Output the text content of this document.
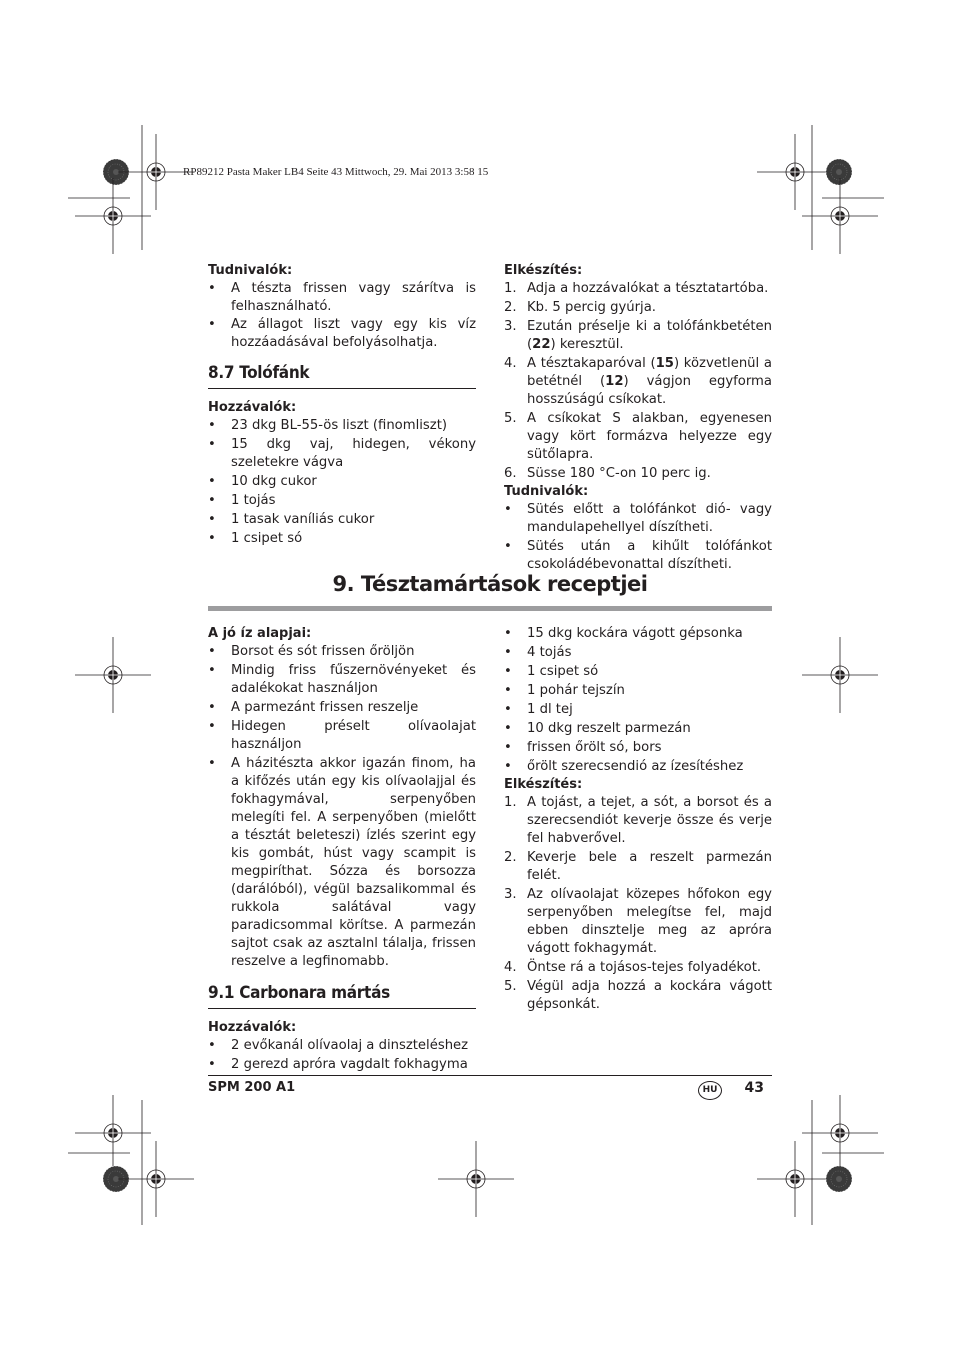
RP89212 Pasta Maker LB4 Seite 43 Mittwoch, 29. Mai 2013 3:58 15

Tudnivalók:

• A tészta frissen vagy szárítva is felhasználható.
• Az állagot liszt vagy egy kis víz hozzáadásával befolyásolhatja.

8.7 Tolófánk

Hozzávalók:

• 23 dkg BL-55-ös liszt (finomliszt)
• 15 dkg vaj, hidegen, vékony szeletekre vágva
• 10 dkg cukor
• 1 tojás
• 1 tasak vaníliás cukor
• 1 csipet só

Elkészítés:

1. Adja a hozzávalókat a tésztatartóba.
2. Kb. 5 percig gyúrja.
3. Ezután préselje ki a tolófánkbetéten (22) keresztül.
4. A tésztakaparóval (15) közvetlenül a betétnél (12) vágjon egyforma hosszúságú csíkokat.
5. A csíkokat S alakban, egyenesen vagy kört formázva helyezze egy sütőlapra.
6. Süsse 180 °C-on 10 perc ig.

Tudnivalók:

• Sütés előtt a tolófánkot dió- vagy mandulapehellyel díszítheti.
• Sütés után a kihűlt tolófánkot csokoládébevonattal díszítheti.

9. Tésztamártások receptjei

A jó íz alapjai:

• Borsot és sót frissen őröljön
• Mindig friss fűszernövényeket és adalékokat használjon
• A parmezánt frissen reszelje
• Hidegen préselt olívaolajat használjon
• A házitészta akkor igazán finom, ha a kifőzés után egy kis olívaolajjal és fokhagymával, serpenyőben melegíti fel. A serpenyőben (mielőtt a tésztát beleteszi) ízlés szerint egy kis gombát, húst vagy scampit is megpiríthat. Sózza és borsozza (darálóból), végül bazsalikommal és rukkola salátával vagy paradicsommal körítse. A parmezán sajtot csak az asztalnl tálalja, frissen reszelve a legfinomabb.

9.1 Carbonara mártás

Hozzávalók:

• 2 evőkanál olívaolaj a dinszteléshez
• 2 gerezd apróra vagdalt fokhagyma
• 15 dkg kockára vágott gépsonka
• 4 tojás
• 1 csipet só
• 1 pohár tejszín
• 1 dl tej
• 10 dkg reszelt parmezán
• frissen őrölt só, bors
• őrölt szerecsendió az ízesítéshez

Elkészítés:

1. A tojást, a tejet, a sót, a borsot és a szerecsendiót keverje össze és verje fel habverővel.
2. Keverje bele a reszelt parmezán felét.
3. Az olívaolajat közepes hőfokon egy serpenyőben melegítse fel, majd ebben dinsztelje meg az apróra vágott fokhagymát.
4. Öntse rá a tojásos-tejes folyadékot.
5. Végül adja hozzá a kockára vágott gépsonkát.
SPM 200 A1	HU	43
